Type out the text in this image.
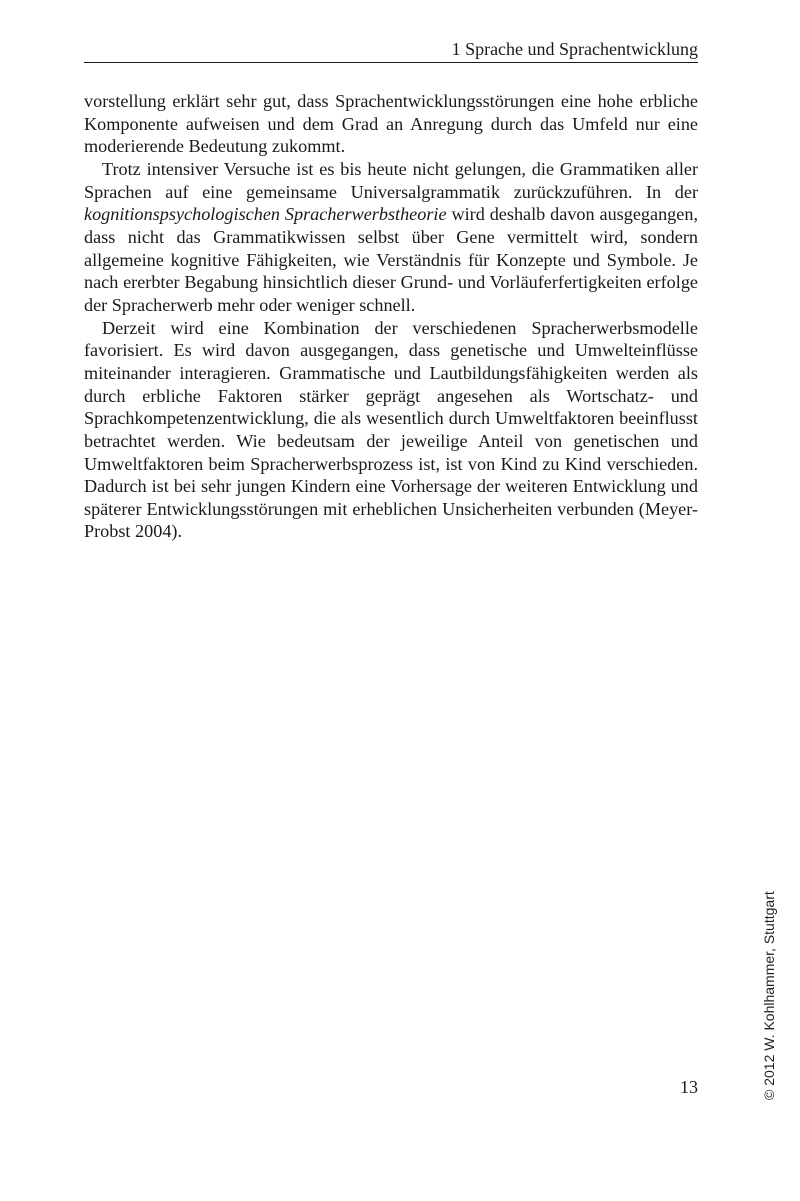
1 Sprache und Sprachentwicklung

vorstellung erklärt sehr gut, dass Sprachentwicklungsstörungen eine hohe erbliche Komponente aufweisen und dem Grad an Anregung durch das Umfeld nur eine moderierende Bedeutung zukommt.

Trotz intensiver Versuche ist es bis heute nicht gelungen, die Grammatiken aller Sprachen auf eine gemeinsame Universalgrammatik zurückzuführen. In der kognitionspsychologischen Spracherwerbstheorie wird deshalb davon ausgegangen, dass nicht das Grammatikwissen selbst über Gene vermittelt wird, sondern allgemeine kognitive Fähigkeiten, wie Verständnis für Konzepte und Symbole. Je nach ererbter Begabung hinsichtlich dieser Grund- und Vorläuferfertigkeiten erfolge der Spracherwerb mehr oder weniger schnell.

Derzeit wird eine Kombination der verschiedenen Spracherwerbsmodelle favorisiert. Es wird davon ausgegangen, dass genetische und Umwelteinflüsse miteinander interagieren. Grammatische und Lautbildungsfähigkeiten werden als durch erbliche Faktoren stärker geprägt angesehen als Wortschatz- und Sprachkompetenzentwicklung, die als wesentlich durch Umweltfaktoren beeinflusst betrachtet werden. Wie bedeutsam der jeweilige Anteil von genetischen und Umweltfaktoren beim Spracherwerbsprozess ist, ist von Kind zu Kind verschieden. Dadurch ist bei sehr jungen Kindern eine Vorhersage der weiteren Entwicklung und späterer Entwicklungsstörungen mit erheblichen Unsicherheiten verbunden (Meyer-Probst 2004).

13	© 2012 W. Kohlhammer, Stuttgart
